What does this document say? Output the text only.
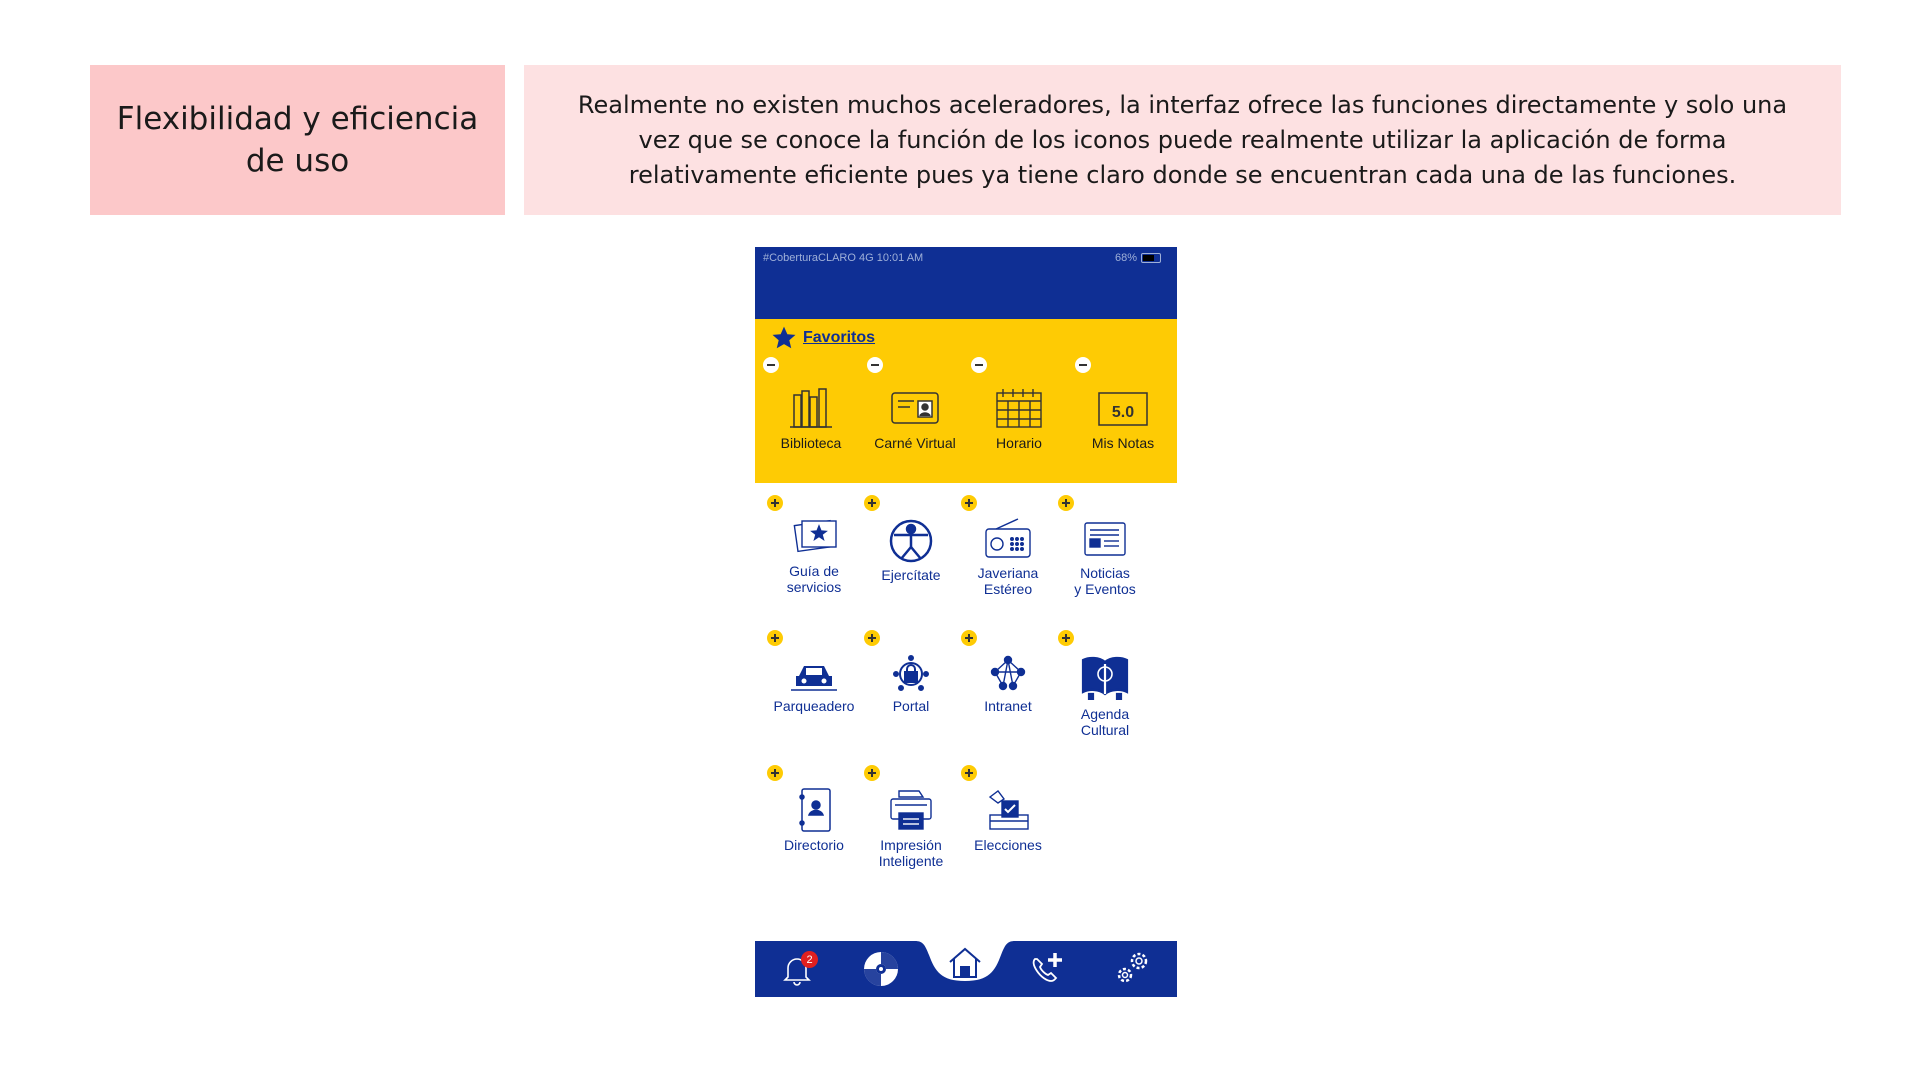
Flexibilidad y eficiencia de uso
Realmente no existen muchos aceleradores, la interfaz ofrece las funciones directamente y solo una vez que se conoce la función de los iconos puede realmente utilizar la aplicación de forma relativamente eficiente pues ya tiene claro donde se encuentran cada una de las funciones.
#CoberturaCLARO 4G 10:01 AM	68%
Favoritos
Biblioteca	Carné Virtual	Horario
5.0
Mis Notas
Guía de
servicios
Ejercítate	Javeriana
Estéreo
Noticias
y Eventos
Parqueadero	Portal	Intranet	Agenda
Cultural
Directorio	Impresión
Inteligente
Elecciones
2
